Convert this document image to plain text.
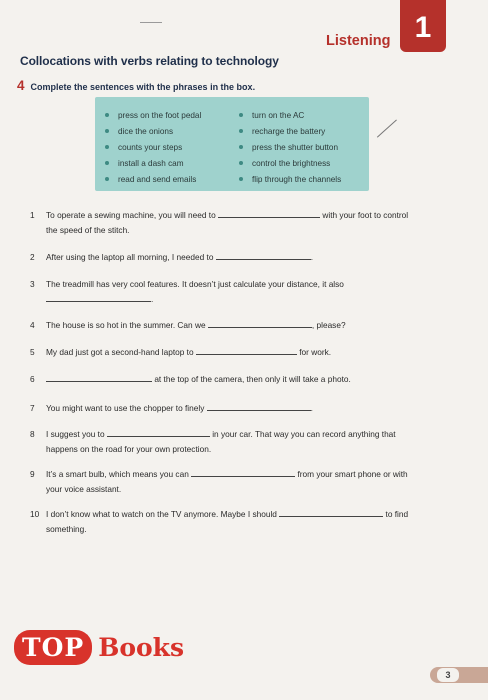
Listening 1
Collocations with verbs relating to technology
4 Complete the sentences with the phrases in the box.
press on the foot pedal
dice the onions
counts your steps
install a dash cam
read and send emails
turn on the AC
recharge the battery
press the shutter button
control the brightness
flip through the channels
1	To operate a sewing machine, you will need to	with your foot to control
the speed of the stitch.
2	After using the laptop all morning, I needed to	.
3	The treadmill has very cool features. It doesn’t just calculate your distance, it also
.
4	The house is so hot in the summer. Can we	, please?
5	My dad just got a second-hand laptop to	for work.
6	at the top of the camera, then only it will take a photo.
7	You might want to use the chopper to finely	.
8	I suggest you to	in your car. That way you can record anything that
happens on the road for your own protection.
9	It’s a smart bulb, which means you can	from your smart phone or with
your voice assistant.
10 I don’t know what to watch on the TV anymore. Maybe I should	to find
something.
TOP Books
3
